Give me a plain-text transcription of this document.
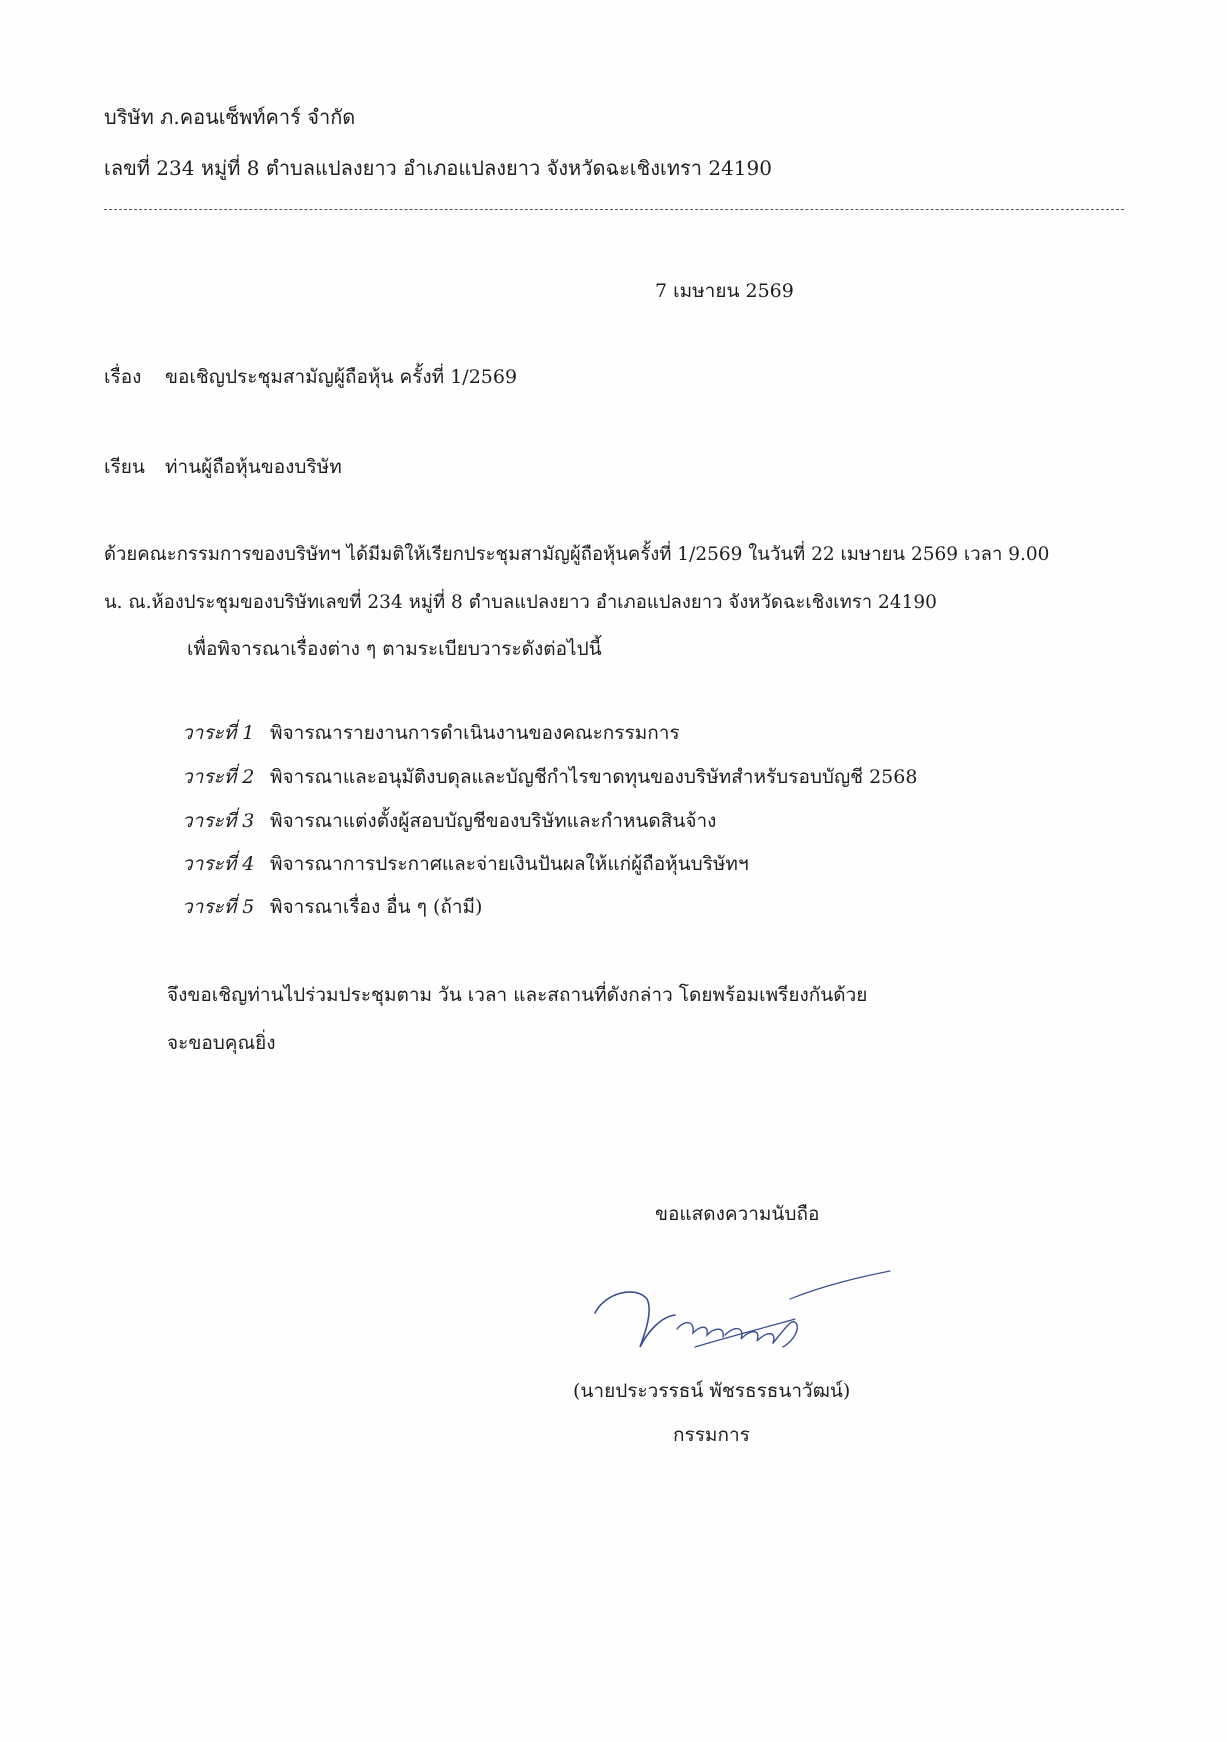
บริษัท ภ.คอนเซ็พท์คาร์ จำกัด
เลขที่ 234 หมู่ที่ 8 ตำบลแปลงยาว อำเภอแปลงยาว จังหวัดฉะเชิงเทรา 24190
7 เมษายน 2569
เรื่อง ขอเชิญประชุมสามัญผู้ถือหุ้น ครั้งที่ 1/2569
เรียน ท่านผู้ถือหุ้นของบริษัท
ด้วยคณะกรรมการของบริษัทฯ ได้มีมติให้เรียกประชุมสามัญผู้ถือหุ้นครั้งที่ 1/2569 ในวันที่ 22 เมษายน 2569 เวลา 9.00
น. ณ.ห้องประชุมของบริษัทเลขที่ 234 หมู่ที่ 8 ตำบลแปลงยาว อำเภอแปลงยาว จังหวัดฉะเชิงเทรา 24190
เพื่อพิจารณาเรื่องต่าง ๆ ตามระเบียบวาระดังต่อไปนี้
วาระที่ 1 พิจารณารายงานการดำเนินงานของคณะกรรมการ
วาระที่ 2 พิจารณาและอนุมัติงบดุลและบัญชีกำไรขาดทุนของบริษัทสำหรับรอบบัญชี 2568
วาระที่ 3 พิจารณาแต่งตั้งผู้สอบบัญชีของบริษัทและกำหนดสินจ้าง
วาระที่ 4 พิจารณาการประกาศและจ่ายเงินปันผลให้แก่ผู้ถือหุ้นบริษัทฯ
วาระที่ 5 พิจารณาเรื่อง อื่น ๆ (ถ้ามี)
จึงขอเชิญท่านไปร่วมประชุมตาม วัน เวลา และสถานที่ดังกล่าว โดยพร้อมเพรียงกันด้วย
จะขอบคุณยิ่ง
ขอแสดงความนับถือ
(นายประวรรธน์ พัชรธรธนาวัฒน์)
กรรมการ
